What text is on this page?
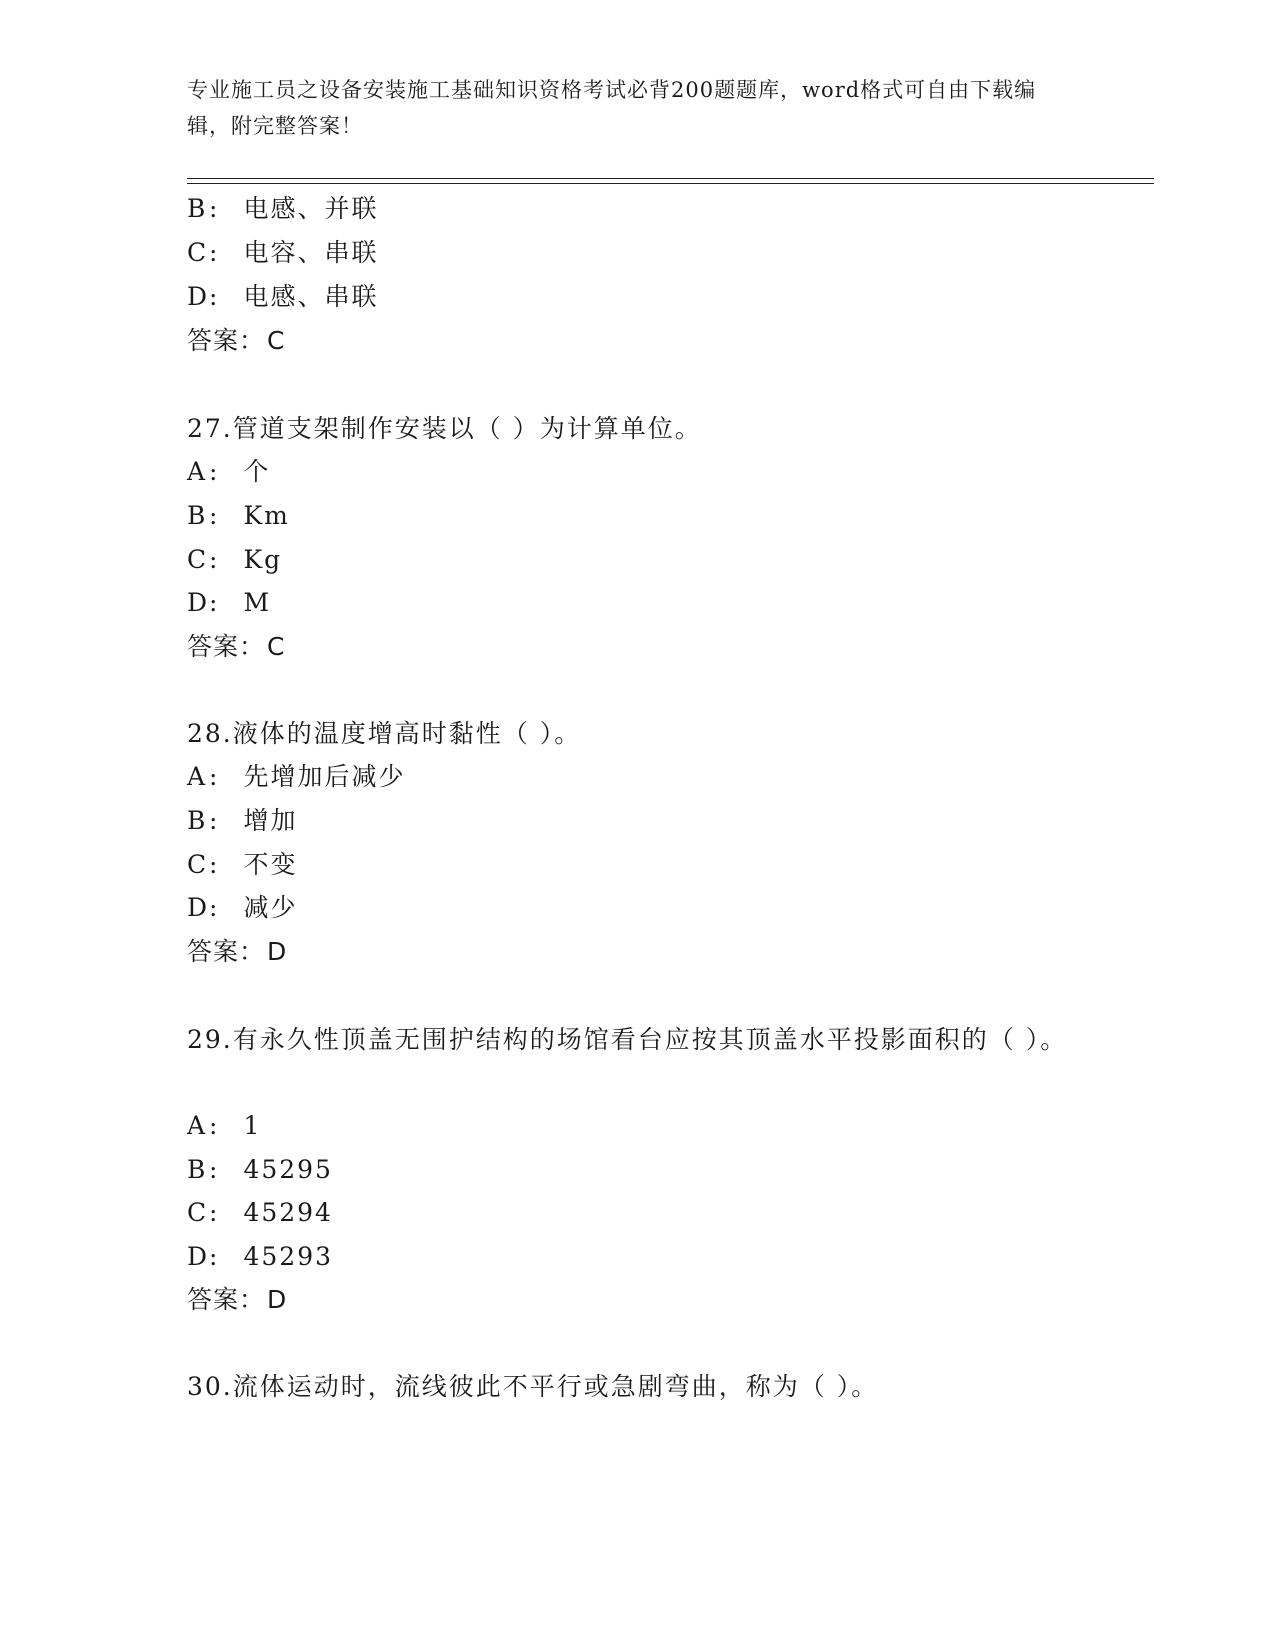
专业施工员之设备安装施工基础知识资格考试必背200题题库，word格式可自由下载编辑，附完整答案！
B: 电感、并联
C: 电容、串联
D: 电感、串联
答案：C
27.管道支架制作安装以（ ）为计算单位。
A: 个
B: Km
C: Kg
D: M
答案：C
28.液体的温度增高时黏性（ ）。
A: 先增加后减少
B: 增加
C: 不变
D: 减少
答案：D
29.有永久性顶盖无围护结构的场馆看台应按其顶盖水平投影面积的（ ）。
A: 1
B: 45295
C: 45294
D: 45293
答案：D
30.流体运动时，流线彼此不平行或急剧弯曲，称为（ ）。
